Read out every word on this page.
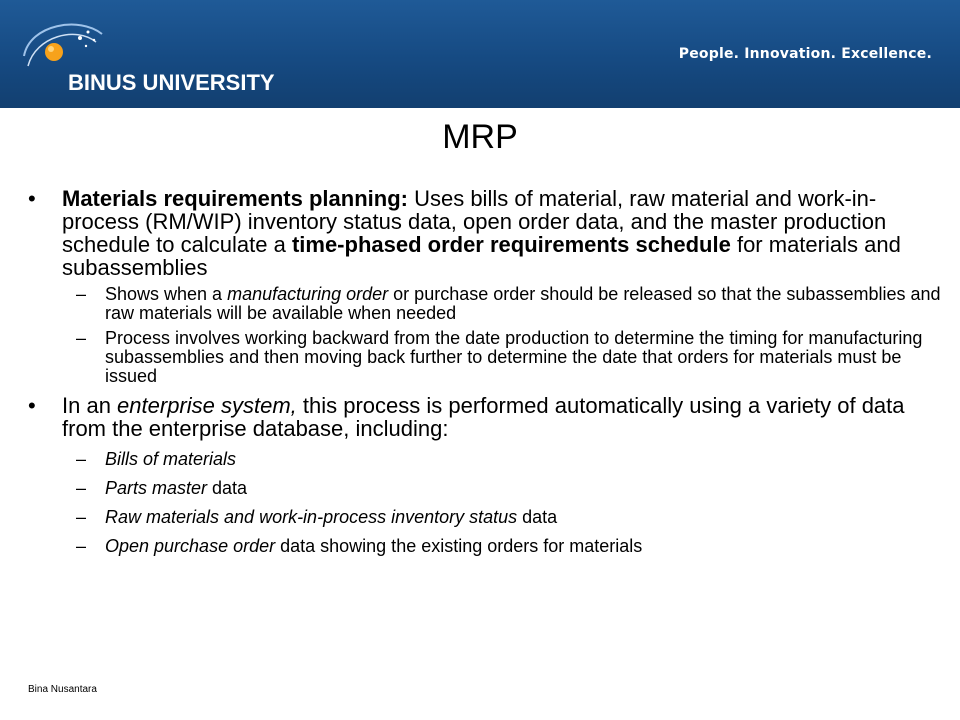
BINUS UNIVERSITY
People. Innovation. Excellence.
MRP
• Materials requirements planning: Uses bills of material, raw material and work-in-process (RM/WIP) inventory status data, open order data, and the master production schedule to calculate a time-phased order requirements schedule for materials and subassemblies
– Shows when a manufacturing order or purchase order should be released so that the subassemblies and raw materials will be available when needed
– Process involves working backward from the date production to determine the timing for manufacturing subassemblies and then moving back further to determine the date that orders for materials must be issued
• In an enterprise system, this process is performed automatically using a variety of data from the enterprise database, including:
– Bills of materials
– Parts master data
– Raw materials and work-in-process inventory status data
– Open purchase order data showing the existing orders for materials
Bina Nusantara
